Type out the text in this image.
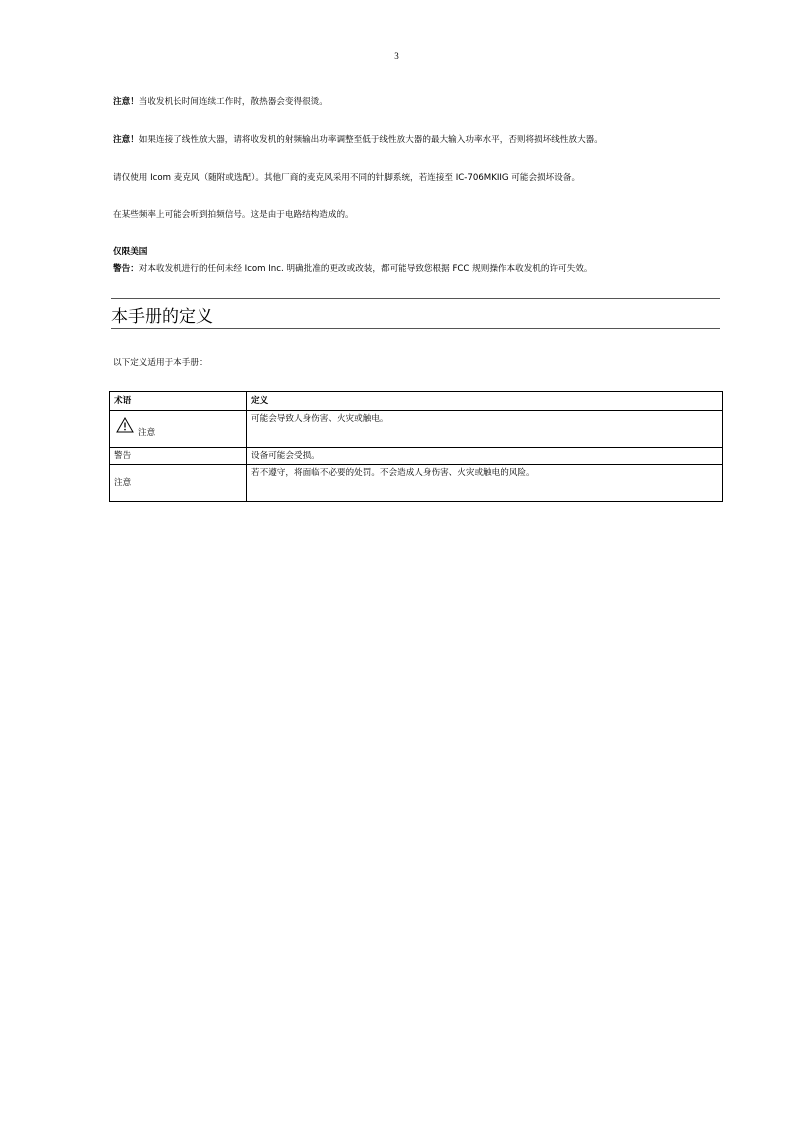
3
注意！当收发机长时间连续工作时，散热器会变得很烫。
注意！如果连接了线性放大器，请将收发机的射频输出功率调整至低于线性放大器的最大输入功率水平，否则将损坏线性放大器。
请仅使用 Icom 麦克风（随附或选配）。其他厂商的麦克风采用不同的针脚系统，若连接至 IC-706MKIIG 可能会损坏设备。
在某些频率上可能会听到拍频信号。这是由于电路结构造成的。
仅限美国
警告：对本收发机进行的任何未经 Icom Inc. 明确批准的更改或改装，都可能导致您根据 FCC 规则操作本收发机的许可失效。
本手册的定义
以下定义适用于本手册：
术语	定义

注意	可能会导致人身伤害、火灾或触电。
警告	设备可能会受损。

注意	若不遵守，将面临不必要的处罚。不会造成人身伤害、火灾或触电的风险。
